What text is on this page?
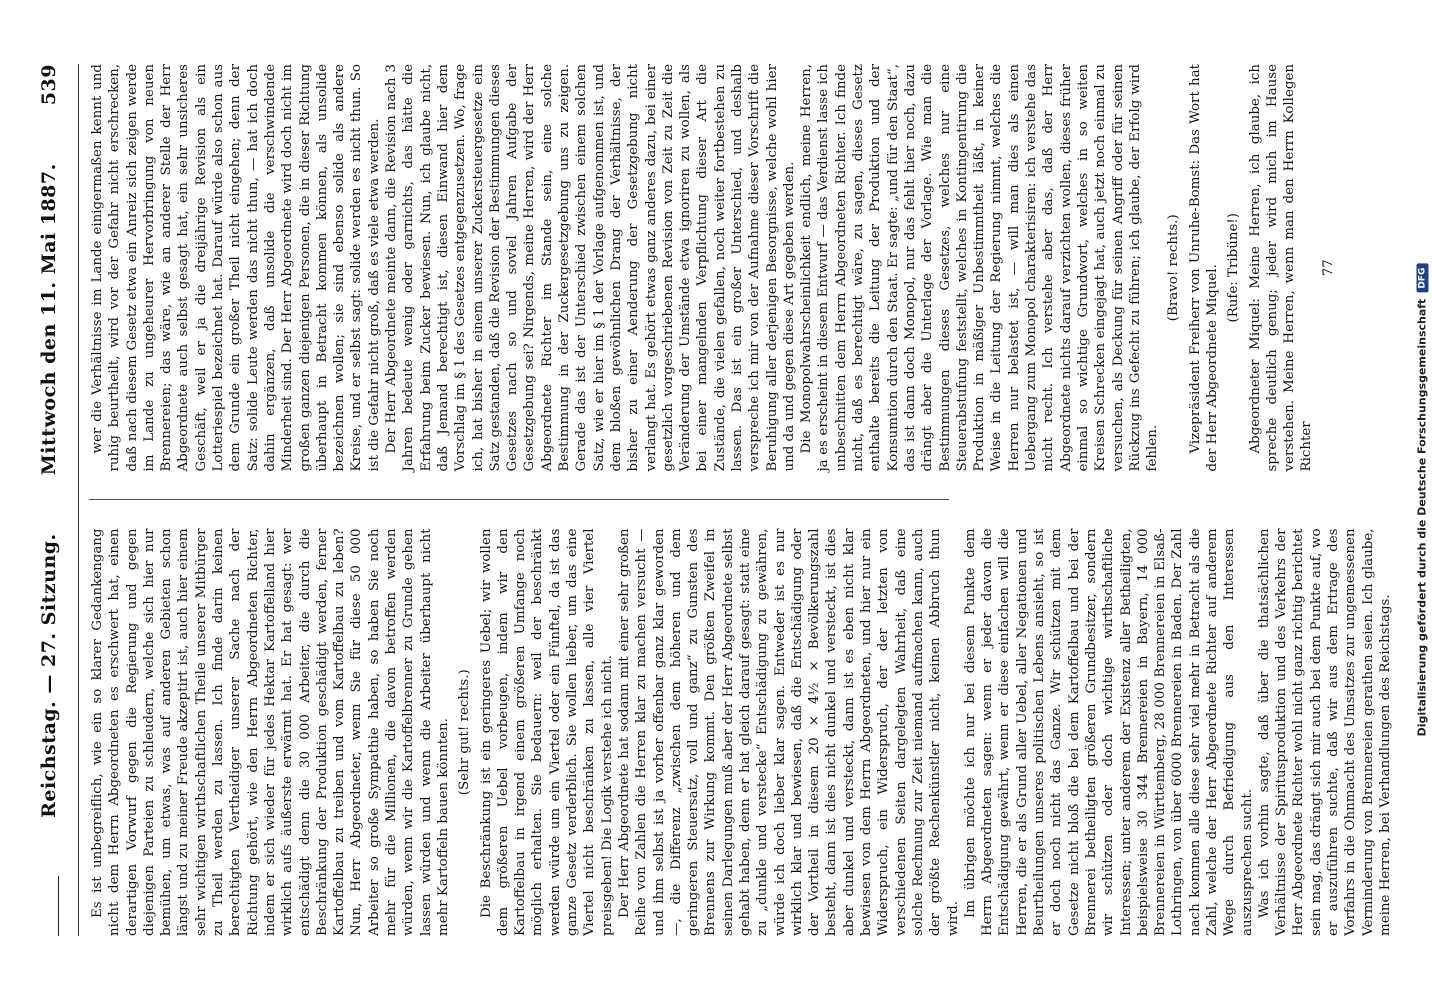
Reichstag. — 27. Sitzung.
Mittwoch den 11. Mai 1887.
539

Es ist unbegreiflich, wie ein so klarer Gedankengang nicht dem Herrn Abgeordneten es erschwert hat, einen derartigen Vorwurf gegen die Regierung und gegen diejenigen Parteien zu schleudern, welche sich hier nur bemühen, um etwas, was auf anderen Gebieten schon längst und zu meiner Freude akzeptirt ist, auch hier einem sehr wichtigen wirthschaftlichen Theile unserer Mitbürger zu Theil werden zu lassen. Ich finde darin keinen berechtigten Vertheidiger unserer Sache nach der Richtung gehört, wie den Herrn Abgeordneten Richter, indem er sich wieder für jedes Hektar Kartoffelland hier wirklich aufs äußerste erwärmt hat. Er hat gesagt: wer entschädigt denn die 30 000 Arbeiter, die durch die Beschränkung der Produktion geschädigt werden, ferner Kartoffelbau zu treiben und vom Kartoffelbau zu leben? Nun, Herr Abgeordneter, wenn Sie für diese 50 000 Arbeiter so große Sympathie haben, so haben Sie noch mehr für die Millionen, die davon betroffen werden würden, wenn wir die Kartoffelbrenner zu Grunde gehen lassen würden und wenn die Arbeiter überhaupt nicht mehr Kartoffeln bauen könnten. (Sehr gut! rechts.) Die Beschränkung ist ein geringeres Uebel; wir wollen dem größeren Uebel vorbeugen, indem wir den Kartoffelbau in irgend einem größeren Umfange noch möglich erhalten. Sie bedauern: weil der beschränkt werden würde um ein Viertel oder ein Fünftel, da ist das ganze Gesetz verderblich. Sie wollen lieber, um das eine Viertel nicht beschränken zu lassen, alle vier Viertel preisgeben! Die Logik verstehe ich nicht. Der Herr Abgeordnete hat sodann mit einer sehr großen Reihe von Zahlen die Herren klar zu machen versucht — und ihm selbst ist ja vorher offenbar ganz klar geworden —, die Differenz „zwischen dem höheren und dem geringeren Steuersatz, voll und ganz“ zu Gunsten des Brennens zur Wirkung kommt. Den größten Zweifel in seinen Darlegungen muß aber der Herr Abgeordnete selbst gehabt haben, denn er hat gleich darauf gesagt: statt eine zu „dunkle und verstecke“ Entschädigung zu gewähren, würde ich doch lieber klar sagen. Entweder ist es nur wirklich klar und bewiesen, daß die Entschädigung oder der Vortheil in diesem 20 × 4½ × Bevölkerungszahl besteht, dann ist dies nicht dunkel und versteckt, ist dies aber dunkel und versteckt, dann ist es eben nicht klar bewiesen von dem Herrn Abgeordneten, und hier nur ein Widerspruch, ein Widerspruch, der der letzten von verschiedenen Seiten dargelegten Wahrheit, daß eine solche Rechnung zur Zeit niemand aufmachen kann, auch der größte Rechenkünstler nicht, keinen Abbruch thun wird.

Im übrigen möchte ich nur bei diesem Punkte dem Herrn Abgeordneten sagen: wenn er jeder davon die Entschädigung gewährt, wenn er diese einfachen will die Herren, die er als Grund aller Uebel, aller Negationen und Beurtheilungen unseres politischen Lebens ansieht, so ist er doch noch nicht das Ganze. Wir schützen mit dem Gesetze nicht bloß die bei dem Kartoffelbau und bei der Brennerei betheiligten größeren Grundbesitzer, sondern wir schützen oder doch wichtige wirthschaftliche Interessen; unter anderem der Existenz aller Betheiligten, beispielsweise 30 344 Brennereien in Bayern, 14 000 Brennereien in Württemberg, 28 000 Brennereien in Elsaß-Lothringen, von über 6000 Brennereien in Baden. Der Zahl nach kommen alle diese sehr viel mehr in Betracht als die Zahl, welche der Herr Abgeordnete Richter auf anderem Wege durch Befriedigung aus den Interessen auszusprechen sucht. Was ich vorhin sagte, daß über die thatsächlichen Verhältnisse der Spiritusproduktion und des Verkehrs der Herr Abgeordnete Richter wohl nicht ganz richtig berichtet sein mag, das drängt sich mir auch bei dem Punkte auf, wo er auszuführen suchte, daß wir aus dem Ertrage des Vorfahrs in die Ohnmacht des Umsatzes zur ungemessenen Verminderung von Brennereien gerathen seien. Ich glaube, meine Herren, bei Verhandlungen des Reichstags.

wer die Verhältnisse im Lande einigermaßen kennt und ruhig beurtheilt, wird vor der Gefahr nicht erschrecken, daß nach diesem Gesetz etwa ein Anreiz sich zeigen werde im Lande zu ungeheurer Hervorbringung von neuen Brennereien; das wäre, wie an anderer Stelle der Herr Abgeordnete auch selbst gesagt hat, ein sehr unsicheres Geschäft, weil er ja die dreijährige Revision als ein Lotteriespiel bezeichnet hat. Darauf würde also schon aus dem Grunde ein großer Theil nicht eingehen; denn der Satz: solide Leute werden das nicht thun, — hat ich doch dahin ergänzen, daß unsolide die verschwindende Minderheit sind. Der Herr Abgeordnete wird doch nicht im großen ganzen diejenigen Personen, die in dieser Richtung überhaupt in Betracht kommen können, als unsolide bezeichnen wollen; sie sind ebenso solide als andere Kreise, und er selbst sagt: solide werden es nicht thun. So ist die Gefahr nicht groß, daß es viele etwa werden. Der Herr Abgeordnete meinte dann, die Revision nach 3 Jahren bedeute wenig oder garnichts, das hätte die Erfahrung beim Zucker bewiesen. Nun, ich glaube nicht, daß Jemand berechtigt ist, diesen Einwand hier dem Vorschlag im § 1 des Gesetzes entgegenzusetzen. Wo, frage ich, hat bisher in einem unserer Zuckersteuergesetze ein Satz gestanden, daß die Revision der Bestimmungen dieses Gesetzes nach so und soviel Jahren Aufgabe der Gesetzgebung sei? Nirgends, meine Herren, wird der Herr Abgeordnete Richter im Stande sein, eine solche Bestimmung in der Zuckergesetzgebung uns zu zeigen. Gerade das ist der Unterschied zwischen einem solchen Satz, wie er hier im § 1 der Vorlage aufgenommen ist, und dem bloßen gewöhnlichen Drang der Verhältnisse, der bisher zu einer Aenderung der Gesetzgebung nicht verlangt hat. Es gehört etwas ganz anderes dazu, bei einer gesetzlich vorgeschriebenen Revision von Zeit zu Zeit die Veränderung der Umstände etwa ignoriren zu wollen, als bei einer mangelnden Verpflichtung dieser Art die Zustände, die vielen gefallen, noch weiter fortbestehen zu lassen. Das ist ein großer Unterschied, und deshalb verspreche ich mir von der Aufnahme dieser Vorschrift die Beruhigung aller derjenigen Besorgnisse, welche wohl hier und da und gegen diese Art gegeben werden. Die Monopolwahrscheinlichkeit endlich, meine Herren, ja es erscheint in diesem Entwurf — das Verdienst lasse ich unbeschnitten dem Herrn Abgeordneten Richter. Ich finde nicht, daß es berechtigt wäre, zu sagen, dieses Gesetz enthalte bereits die Leitung der Produktion und der Konsumtion durch den Staat. Er sagte: „und für den Staat“, das ist dann doch Monopol, nur das fehlt hier noch, dazu drängt aber die Unterlage der Vorlage. Wie man die Bestimmungen dieses Gesetzes, welches nur eine Steuerabstufung feststellt, welches in Kontingentirung die Produktion in mäßiger Unbestimmtheit läßt, in keiner Weise in die Leitung der Regierung nimmt, welches die Herren nur belastet ist, — will man dies als einen Uebergang zum Monopol charakterisiren: ich verstehe das nicht recht. Ich verstehe aber das, daß der Herr Abgeordnete nichts darauf verzichten wollen, dieses früher einmal so wichtige Grundwort, welches in so weiten Kreisen Schrecken eingejagt hat, auch jetzt noch einmal zu versuchen, als Deckung für seinen Angriff oder für seinen Rückzug ins Gefecht zu führen; ich glaube, der Erfolg wird fehlen.

(Bravo! rechts.) Vizepräsident Freiherr von Unruhe-Bomst: Das Wort hat der Herr Abgeordnete Miquel. (Rufe: Tribüne!) Abgeordneter Miquel: Meine Herren, ich glaube, ich spreche deutlich genug; jeder wird mich im Hause verstehen. Meine Herren, wenn man den Herrn Kollegen Richter

77

Digitalisierung gefördert durch die Deutsche Forschungsgemeinschaft
DFG
